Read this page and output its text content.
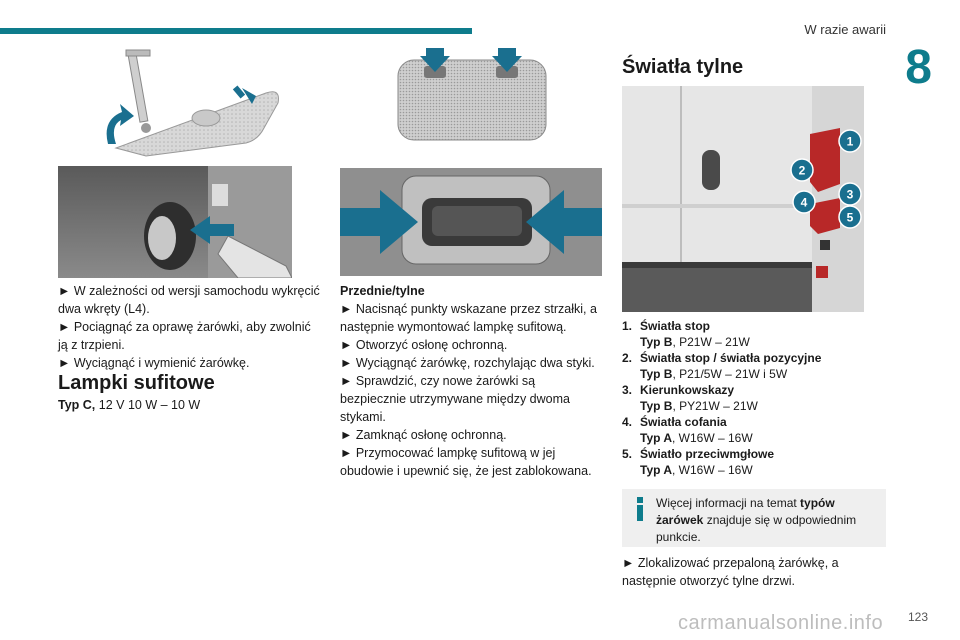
W razie awarii
8

► W zależności od wersji samochodu wykręcić dwa wkręty (L4).

► Pociągnąć za oprawę żarówki, aby zwolnić ją z trzpieni.

► Wyciągnąć i wymienić żarówkę.

Lampki sufitowe
Typ C, 12 V 10 W – 10 W

Przednie/tylne

► Nacisnąć punkty wskazane przez strzałki, a następnie wymontować lampkę sufitową.

► Otworzyć osłonę ochronną.

► Wyciągnąć żarówkę, rozchylając dwa styki.

► Sprawdzić, czy nowe żarówki są bezpiecznie utrzymywane między dwoma stykami.

► Zamknąć osłonę ochronną.

► Przymocować lampkę sufitową w jej obudowie i upewnić się, że jest zablokowana.

Światła tylne
1
2
3
4
5
1. Światła stop
Typ B, P21W – 21W
2. Światła stop / światła pozycyjne
Typ B, P21/5W – 21W i 5W
3. Kierunkowskazy
Typ B, PY21W – 21W
4. Światła cofania
Typ A, W16W – 16W
5. Światło przeciwmgłowe
Typ A, W16W – 16W
Więcej informacji na temat typów żarówek znajduje się w odpowiednim punkcie.

► Zlokalizować przepaloną żarówkę, a następnie otworzyć tylne drzwi.

carmanualsonline.info 123
